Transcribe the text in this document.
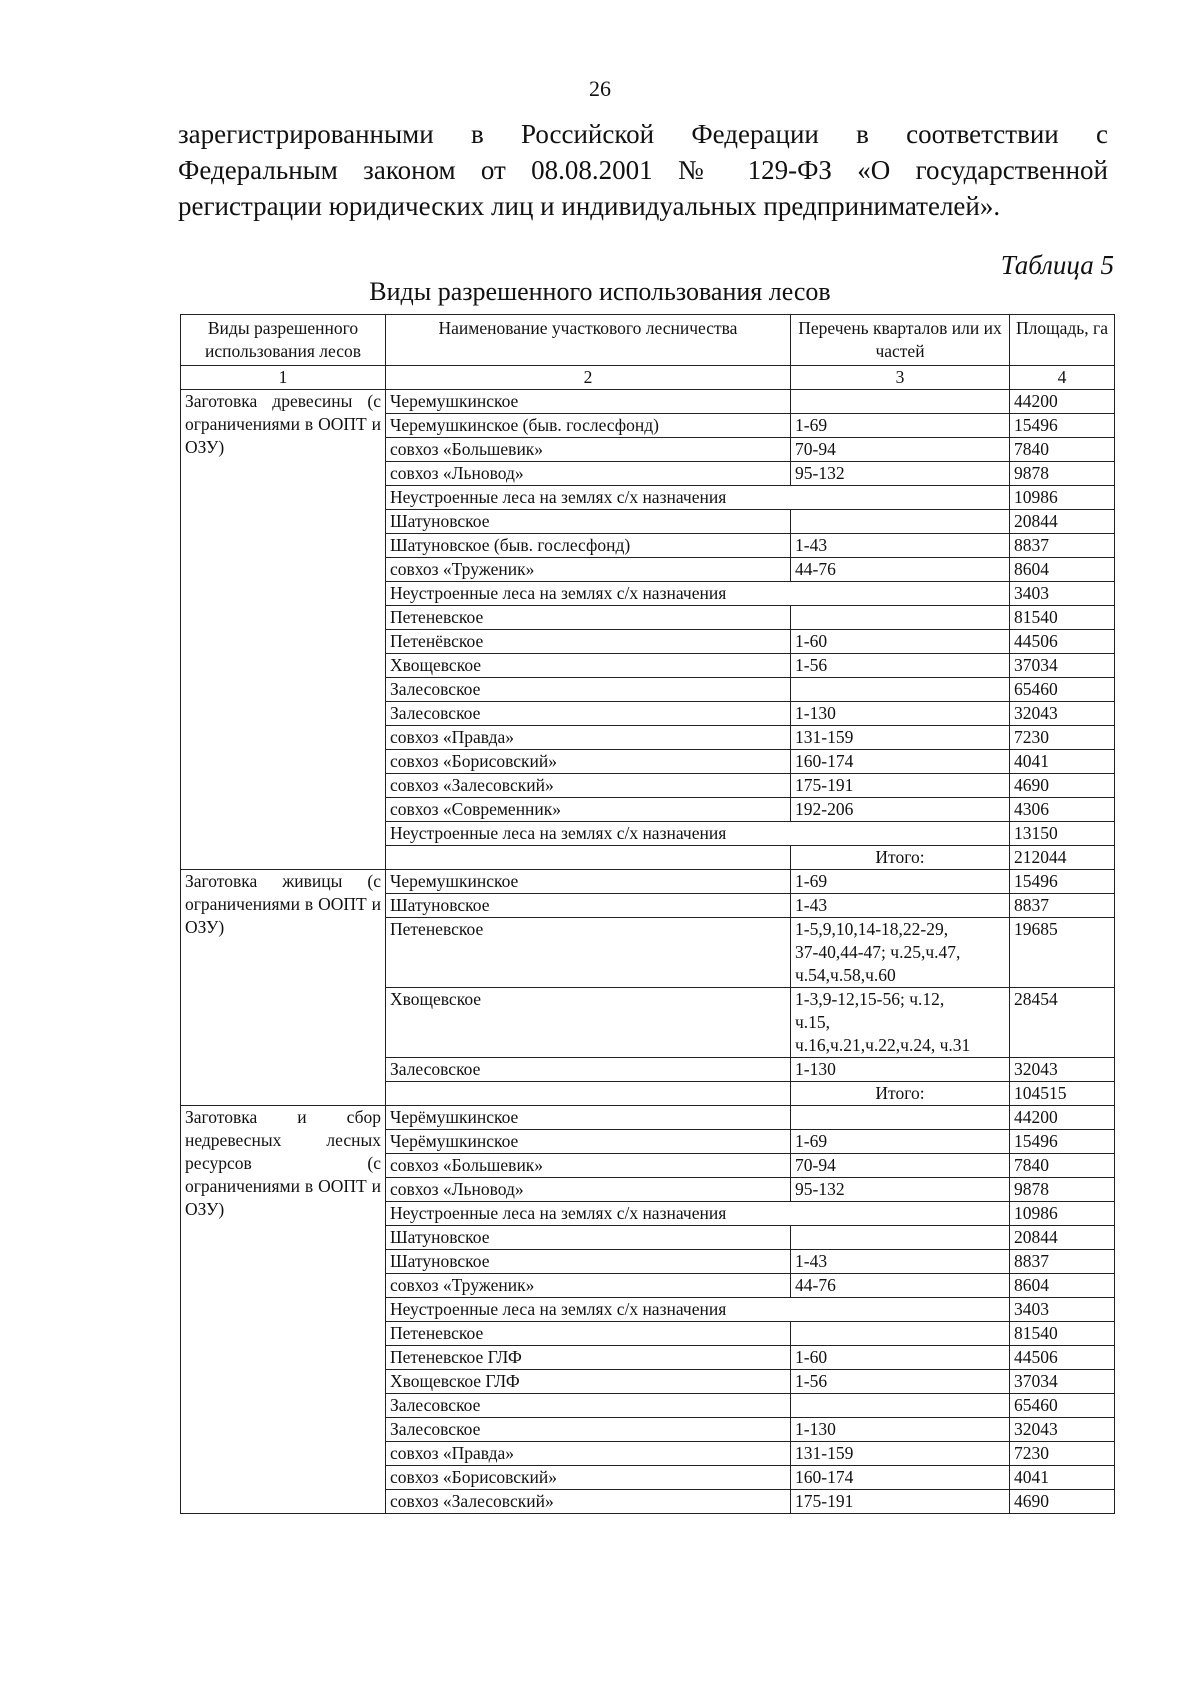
26

зарегистрированными в Российской Федерации в соответствии с

Федеральным законом от 08.08.2001 № 129-ФЗ «О государственной

регистрации юридических лиц и индивидуальных предпринимателей».

Таблица 5
Виды разрешенного использования лесов
Виды разрешенного использования лесов	Наименование участкового лесничества	Перечень кварталов или их частей	Площадь, га
1	2	3	4

Заготовка древесины (с ограничениями в ООПТ и ОЗУ)	Черемушкинское		44200
	Черемушкинское (быв. гослесфонд)	1-69	15496
	совхоз «Большевик»	70-94	7840
	совхоз «Льновод»	95-132	9878
	Неустроенные леса на землях с/х назначения		10986
	Шатуновское		20844
	Шатуновское (быв. гослесфонд)	1-43	8837
	совхоз «Труженик»	44-76	8604
	Неустроенные леса на землях с/х назначения		3403
	Петеневское		81540
	Петенёвское	1-60	44506
	Хвощевское	1-56	37034
	Залесовское		65460
	Залесовское	1-130	32043
	совхоз «Правда»	131-159	7230
	совхоз «Борисовский»	160-174	4041
	совхоз «Залесовский»	175-191	4690
	совхоз «Современник»	192-206	4306
	Неустроенные леса на землях с/х назначения		13150
		Итого:	212044

Заготовка живицы (с ограничениями в ООПТ и ОЗУ)	Черемушкинское	1-69	15496
	Шатуновское	1-43	8837
	Петеневское	1-5,9,10,14-18,22-29,
37-40,44-47; ч.25,ч.47,
ч.54,ч.58,ч.60	19685
	Хвощевское	1-3,9-12,15-56; ч.12,
ч.15,
ч.16,ч.21,ч.22,ч.24, ч.31	28454
	Залесовское	1-130	32043
		Итого:	104515

Заготовка и сбор недревесных лесных ресурсов (с ограничениями в ООПТ и ОЗУ)	Черёмушкинское		44200
	Черёмушкинское	1-69	15496
	совхоз «Большевик»	70-94	7840
	совхоз «Льновод»	95-132	9878
	Неустроенные леса на землях с/х назначения		10986
	Шатуновское		20844
	Шатуновское	1-43	8837
	совхоз «Труженик»	44-76	8604
	Неустроенные леса на землях с/х назначения		3403
	Петеневское		81540
	Петеневское ГЛФ	1-60	44506
	Хвощевское ГЛФ	1-56	37034
	Залесовское		65460
	Залесовское	1-130	32043
	совхоз «Правда»	131-159	7230
	совхоз «Борисовский»	160-174	4041
	совхоз «Залесовский»	175-191	4690
